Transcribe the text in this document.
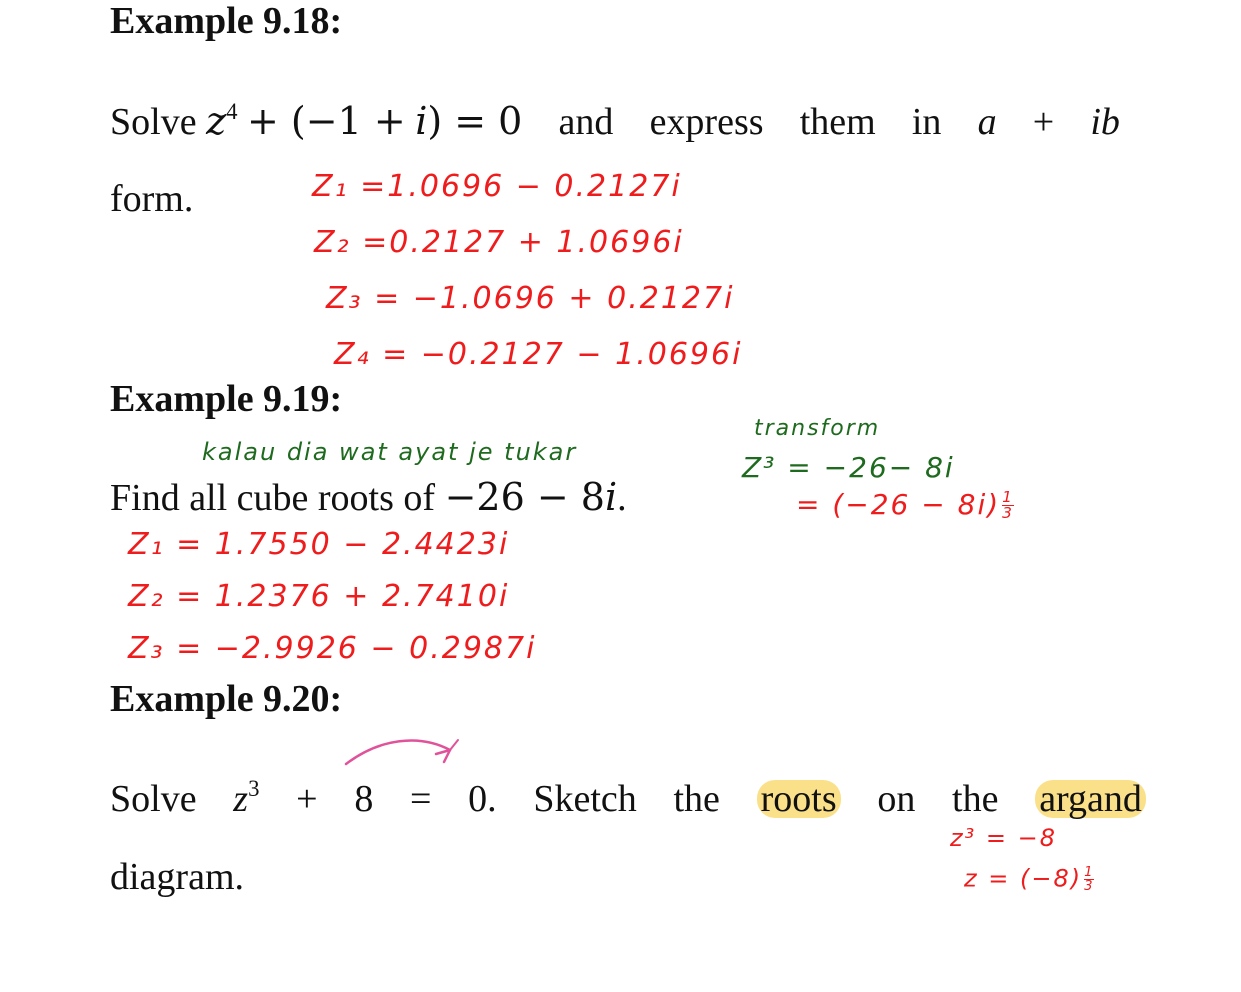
Example 9.18:
Solve $z^4 + (-1 + i) = 0$ and express them in a + ib
form.	Z₁ =1.0696 − 0.2127i
Z₂ =0.2127 + 1.0696i
Z₃ = −1.0696 + 0.2127i
Z₄ = −0.2127 − 1.0696i
Example 9.19:
kalau dia wat ayat je tukar
transform
Z³ = −26− 8i
= $(-26 - 8i) \frac{1}{3}$
Find all cube roots of −26 − 8i.
Z₁ = 1.7550 − 2.4423i
Z₂ = 1.2376 + 2.7410i
Z₃ = −2.9926 − 0.2987i
Example 9.20:
Solve $z^3 + 8 = 0$. Sketch the roots on the argand
diagram.
z³ = −8
$z = (-8) \frac{1}{3}$
